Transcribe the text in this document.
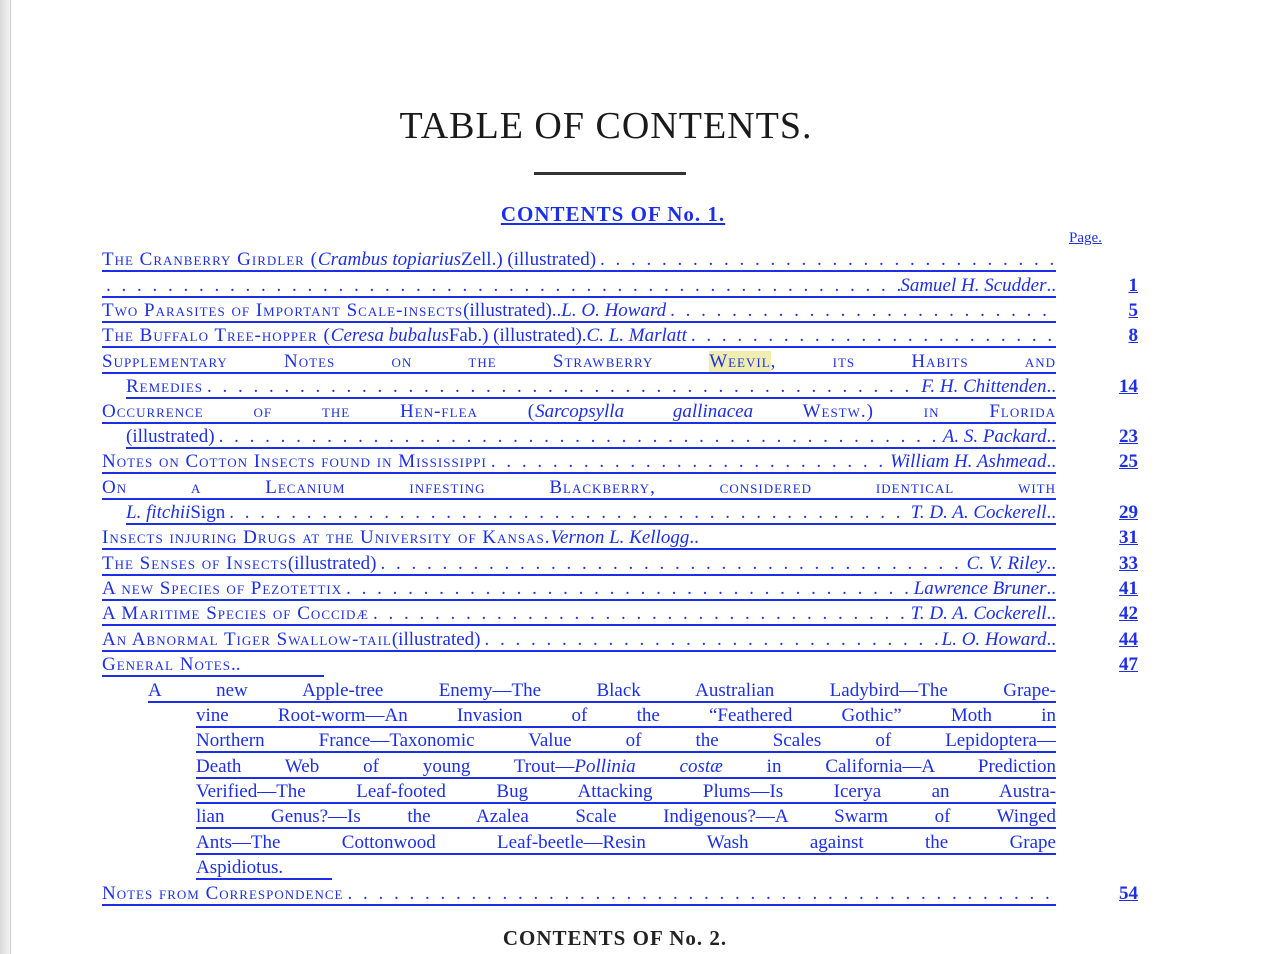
TABLE OF CONTENTS.
CONTENTS OF No. 1.
Page.
The Cranberry Girdler ( Crambus topiarius Zell.) (illustrated)
. . .
. . .
Samuel H. Scudder ..	1
Two Parasites of Important Scale-insects (illustrated).. L. O. Howard . . .	5
The Buffalo Tree-hopper ( Ceresa bubalus Fab.) (illustrated). C. L. Marlatt . . .	8
Supplementary Notes on the Strawberry Weevil, its Habits and
Remedies . . .	F. H. Chittenden ..	14
Occurrence of the Hen-flea (Sarcopsylla gallinacea Westw.) in Florida
(illustrated) . . .	A. S. Packard ..	23
Notes on Cotton Insects found in Mississippi . . .	William H. Ashmead ..	25
On a Lecanium infesting Blackberry, considered identical with
L. fitchii Sign . . .	T. D. A. Cockerell ..	29
Insects injuring Drugs at the University of Kansas. Vernon L. Kellogg ..	31
The Senses of Insects (illustrated) . . .	C. V. Riley ..	33
A new Species of Pezotettix . . .	Lawrence Bruner ..	41
A Maritime Species of Coccidæ . . .	T. D. A. Cockerell ..	42
An Abnormal Tiger Swallow-tail (illustrated) . . .	L. O. Howard ..	44
General Notes ..	47
A new Apple-tree Enemy—The Black Australian Ladybird—The Grape-
vine Root-worm—An Invasion of the “Feathered Gothic” Moth in
Northern France—Taxonomic Value of the Scales of Lepidoptera—
Death Web of young Trout—Pollinia costæ in California—A Prediction
Verified—The Leaf-footed Bug Attacking Plums—Is Icerya an Austra-
lian Genus?—Is the Azalea Scale Indigenous?—A Swarm of Winged
Ants—The Cottonwood Leaf-beetle—Resin Wash against the Grape
Aspidiotus.
Notes from Correspondence . . .	54
CONTENTS OF No. 2.
